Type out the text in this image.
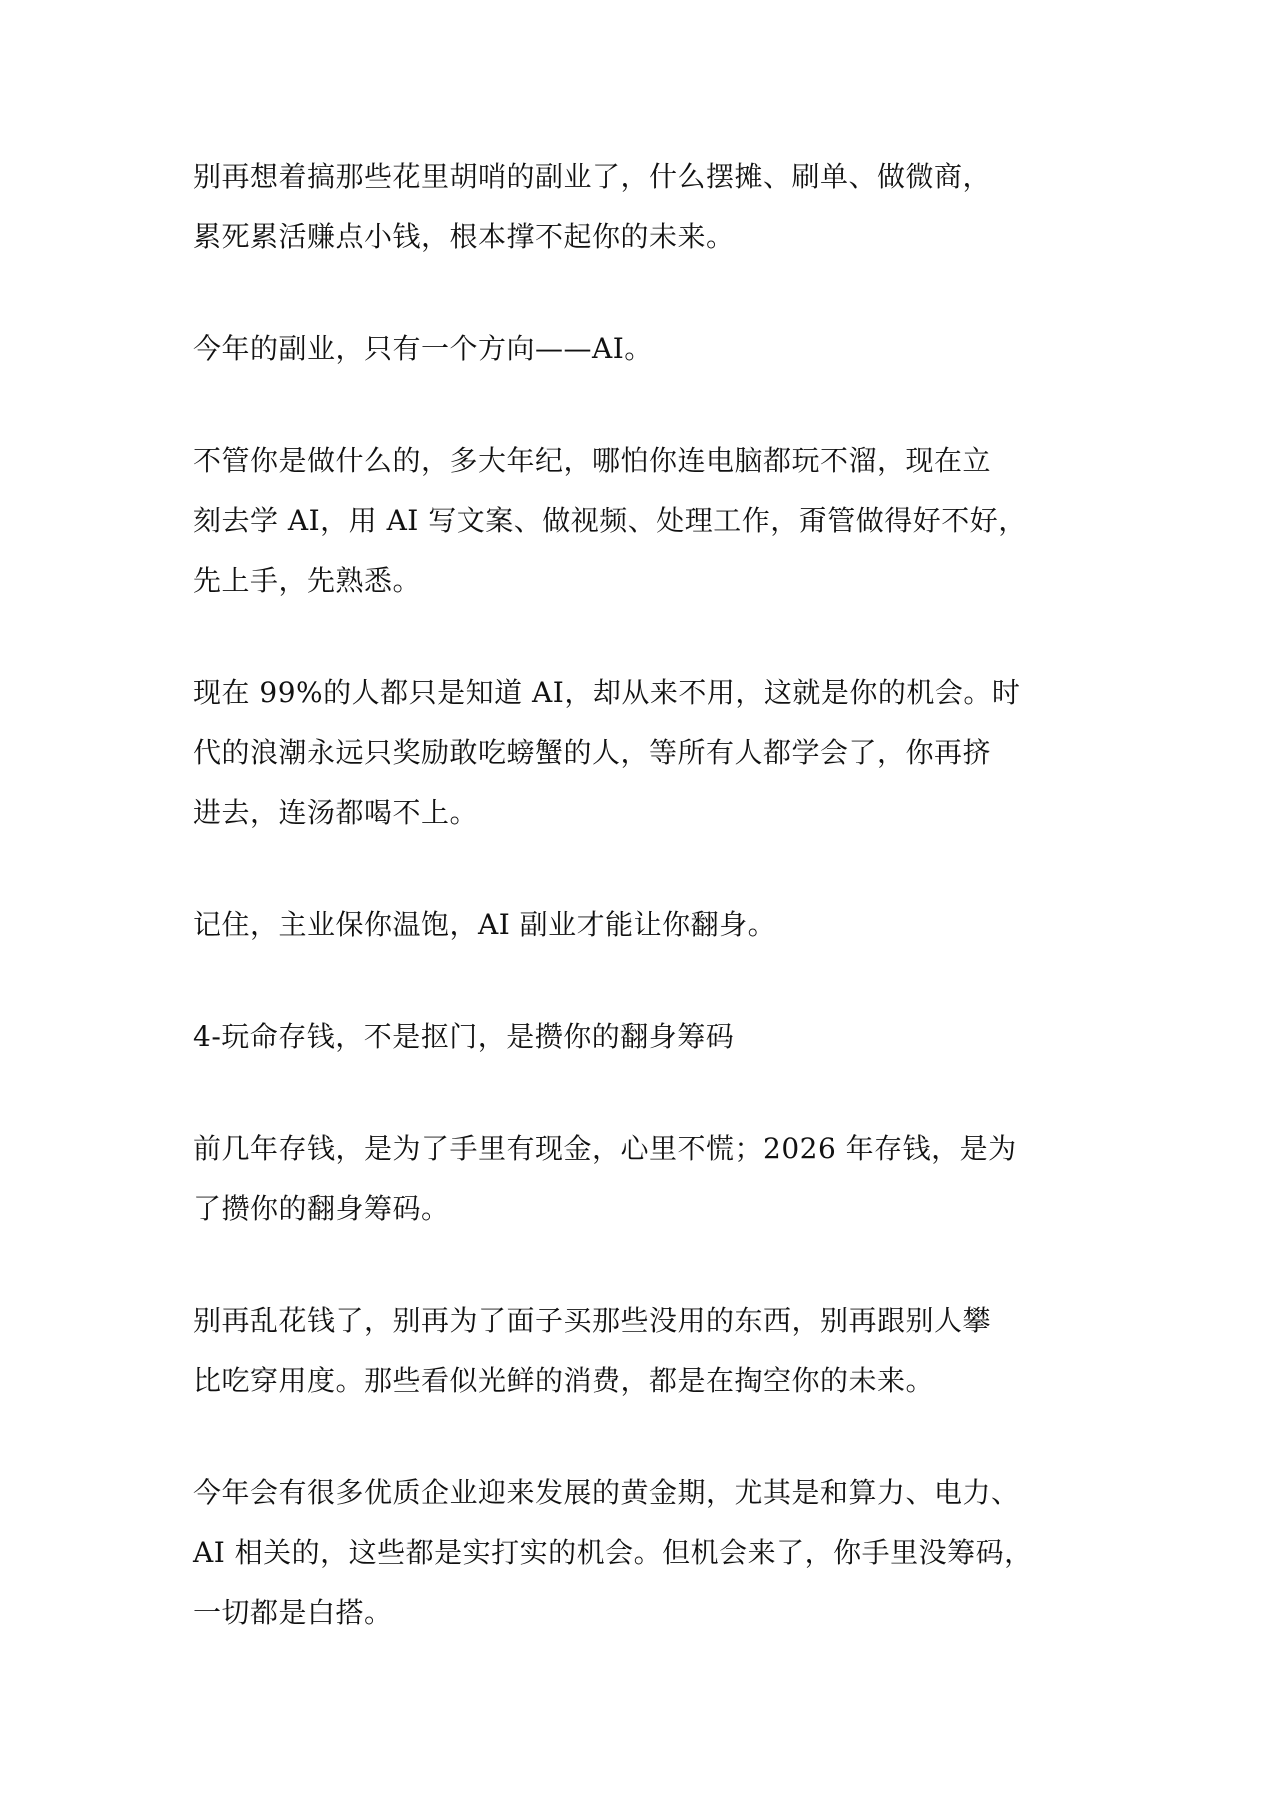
别再想着搞那些花里胡哨的副业了，什么摆摊、刷单、做微商，
累死累活赚点小钱，根本撑不起你的未来。

今年的副业，只有一个方向——AI。

不管你是做什么的，多大年纪，哪怕你连电脑都玩不溜，现在立
刻去学 AI，用 AI 写文案、做视频、处理工作，甭管做得好不好，
先上手，先熟悉。

现在 99%的人都只是知道 AI，却从来不用，这就是你的机会。时
代的浪潮永远只奖励敢吃螃蟹的人，等所有人都学会了，你再挤
进去，连汤都喝不上。

记住，主业保你温饱，AI 副业才能让你翻身。

4-玩命存钱，不是抠门，是攒你的翻身筹码

前几年存钱，是为了手里有现金，心里不慌；2026 年存钱，是为
了攒你的翻身筹码。

别再乱花钱了，别再为了面子买那些没用的东西，别再跟别人攀
比吃穿用度。那些看似光鲜的消费，都是在掏空你的未来。

今年会有很多优质企业迎来发展的黄金期，尤其是和算力、电力、
AI 相关的，这些都是实打实的机会。但机会来了，你手里没筹码，
一切都是白搭。
